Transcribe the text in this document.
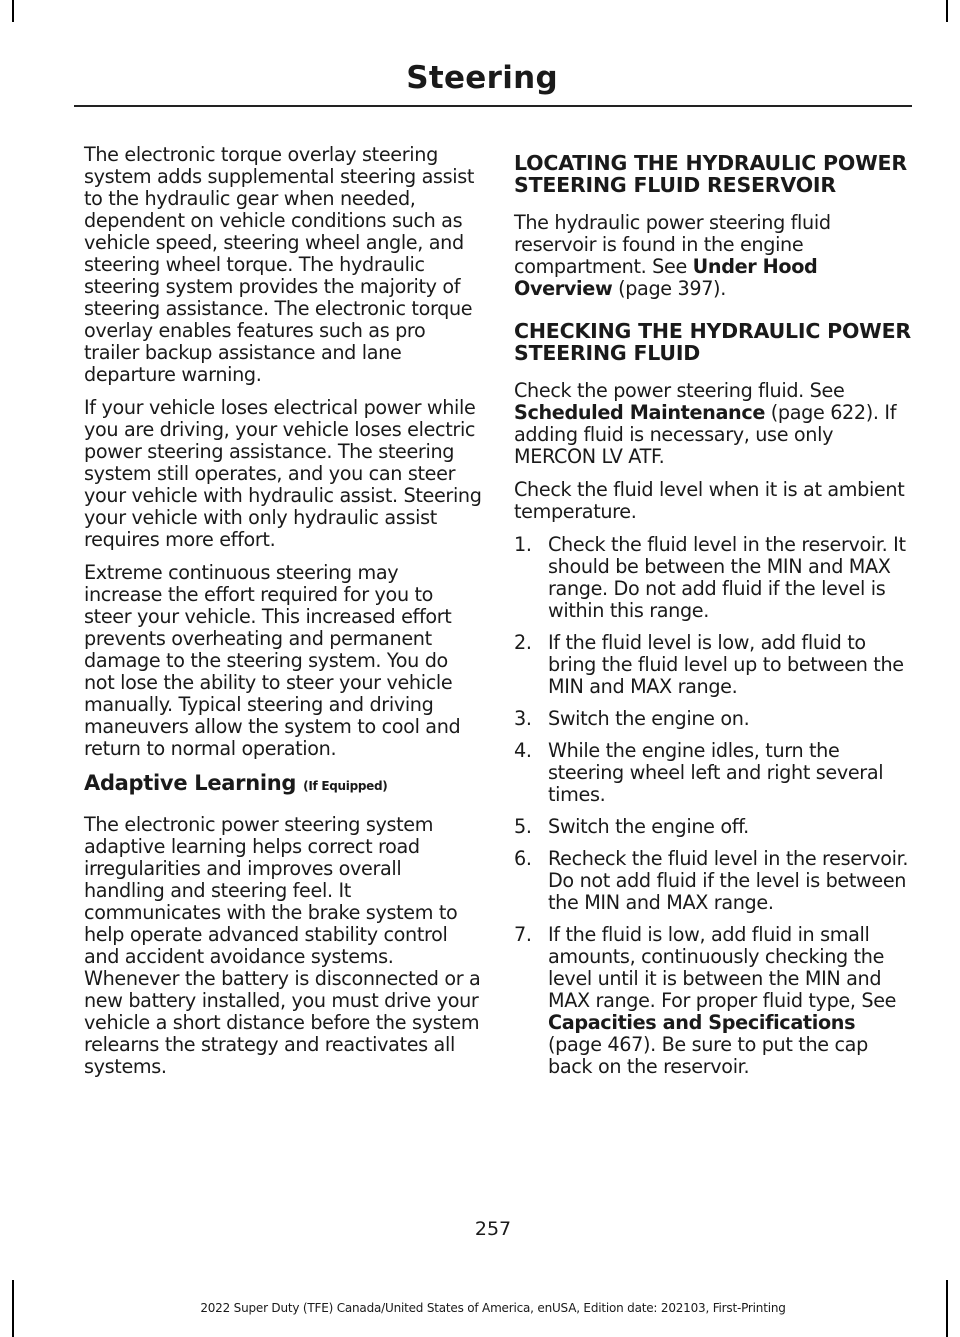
Steering

The electronic torque overlay steering system adds supplemental steering assist to the hydraulic gear when needed, dependent on vehicle conditions such as vehicle speed, steering wheel angle, and steering wheel torque. The hydraulic steering system provides the majority of steering assistance. The electronic torque overlay enables features such as pro trailer backup assistance and lane departure warning.

If your vehicle loses electrical power while you are driving, your vehicle loses electric power steering assistance. The steering system still operates, and you can steer your vehicle with hydraulic assist. Steering your vehicle with only hydraulic assist requires more effort.

Extreme continuous steering may increase the effort required for you to steer your vehicle. This increased effort prevents overheating and permanent damage to the steering system. You do not lose the ability to steer your vehicle manually. Typical steering and driving maneuvers allow the system to cool and return to normal operation.

Adaptive Learning (If Equipped)

The electronic power steering system adaptive learning helps correct road irregularities and improves overall handling and steering feel. It communicates with the brake system to help operate advanced stability control and accident avoidance systems. Whenever the battery is disconnected or a new battery installed, you must drive your vehicle a short distance before the system relearns the strategy and reactivates all systems.

LOCATING THE HYDRAULIC POWER STEERING FLUID RESERVOIR

The hydraulic power steering fluid reservoir is found in the engine compartment. See Under Hood Overview (page 397).

CHECKING THE HYDRAULIC POWER STEERING FLUID

Check the power steering fluid. See Scheduled Maintenance (page 622). If adding fluid is necessary, use only MERCON LV ATF.

Check the fluid level when it is at ambient temperature.

1. Check the fluid level in the reservoir. It should be between the MIN and MAX range. Do not add fluid if the level is within this range.
2. If the fluid level is low, add fluid to bring the fluid level up to between the MIN and MAX range.
3. Switch the engine on.
4. While the engine idles, turn the steering wheel left and right several times.
5. Switch the engine off.
6. Recheck the fluid level in the reservoir. Do not add fluid if the level is between the MIN and MAX range.
7. If the fluid is low, add fluid in small amounts, continuously checking the level until it is between the MIN and MAX range. For proper fluid type, See Capacities and Specifications (page 467). Be sure to put the cap back on the reservoir.
257
2022 Super Duty (TFE) Canada/United States of America, enUSA, Edition date: 202103, First-Printing
